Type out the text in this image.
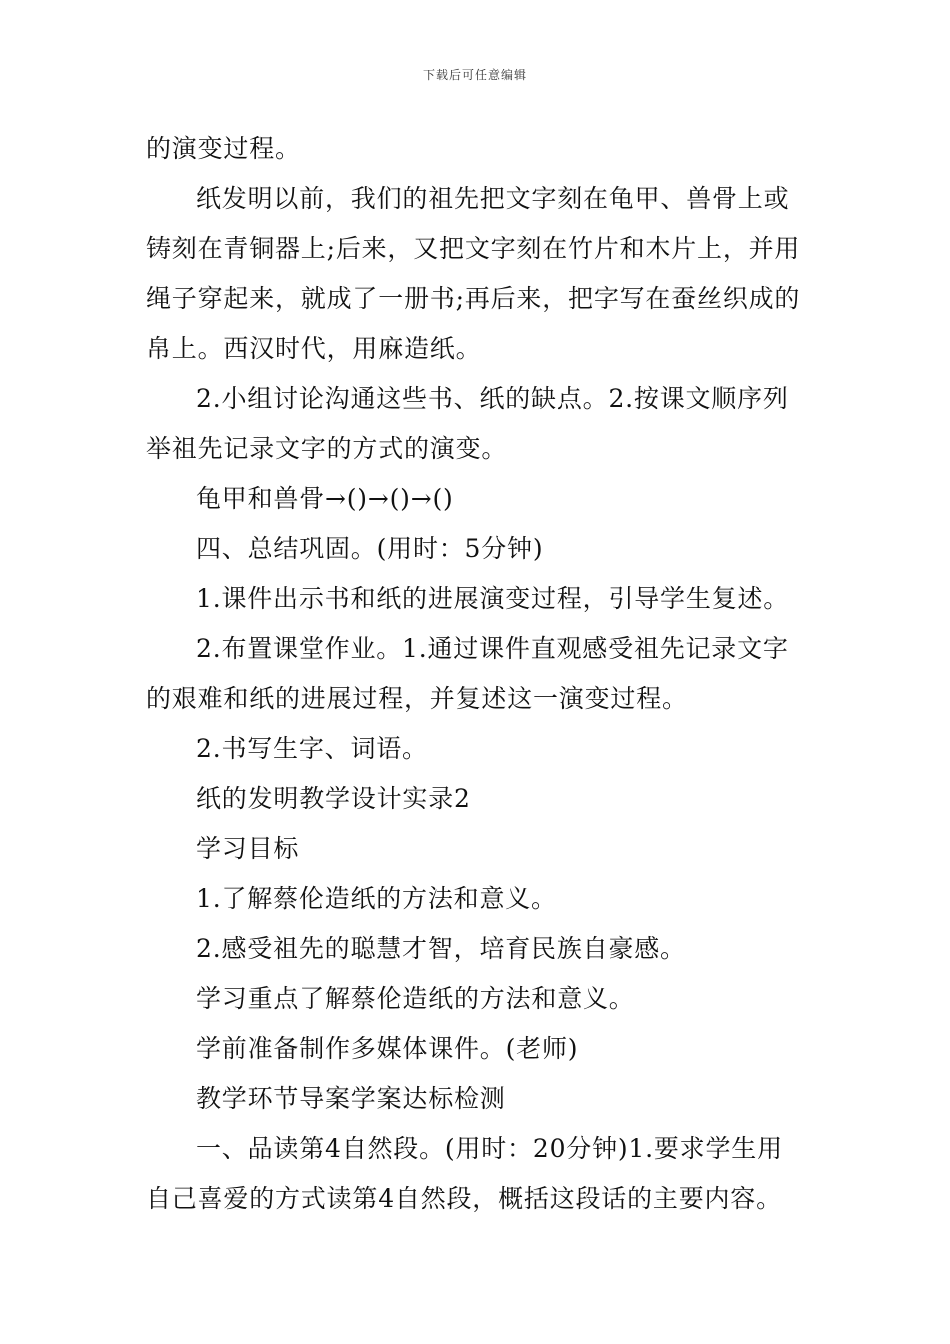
下载后可任意编辑
的演变过程。
纸发明以前，我们的祖先把文字刻在龟甲、兽骨上或
铸刻在青铜器上;后来，又把文字刻在竹片和木片上，并用
绳子穿起来，就成了一册书;再后来，把字写在蚕丝织成的
帛上。西汉时代，用麻造纸。
2.小组讨论沟通这些书、纸的缺点。2.按课文顺序列
举祖先记录文字的方式的演变。
龟甲和兽骨→()→()→()
四、总结巩固。(用时：5分钟)
1.课件出示书和纸的进展演变过程，引导学生复述。
2.布置课堂作业。1.通过课件直观感受祖先记录文字
的艰难和纸的进展过程，并复述这一演变过程。
2.书写生字、词语。
纸的发明教学设计实录2
学习目标
1.了解蔡伦造纸的方法和意义。
2.感受祖先的聪慧才智，培育民族自豪感。
学习重点了解蔡伦造纸的方法和意义。
学前准备制作多媒体课件。(老师)
教学环节导案学案达标检测
一、品读第4自然段。(用时：20分钟)1.要求学生用
自己喜爱的方式读第4自然段，概括这段话的主要内容。
